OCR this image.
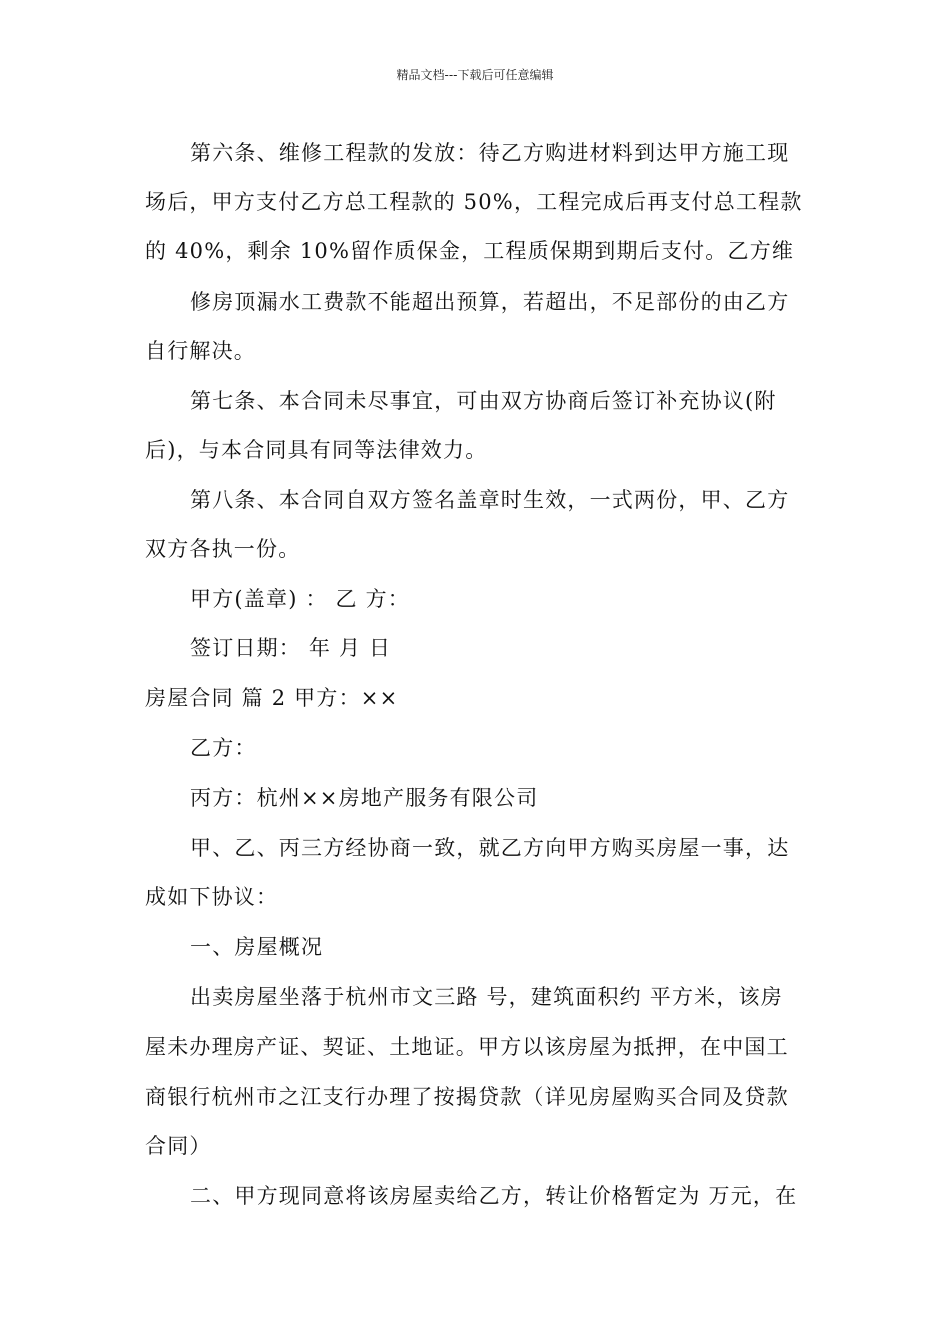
精品文档---下载后可任意编辑
第六条、维修工程款的发放：待乙方购进材料到达甲方施工现
场后，甲方支付乙方总工程款的 50%，工程完成后再支付总工程款
的 40%，剩余 10%留作质保金，工程质保期到期后支付。乙方维
修房顶漏水工费款不能超出预算，若超出，不足部份的由乙方
自行解决。
第七条、本合同未尽事宜，可由双方协商后签订补充协议(附
后)，与本合同具有同等法律效力。
第八条、本合同自双方签名盖章时生效，一式两份，甲、乙方
双方各执一份。
甲方(盖章) ： 乙 方：
签订日期： 年 月 日
房屋合同 篇 2 甲方：××
乙方：
丙方：杭州××房地产服务有限公司
甲、乙、丙三方经协商一致，就乙方向甲方购买房屋一事，达
成如下协议：
一、房屋概况
出卖房屋坐落于杭州市文三路 号，建筑面积约 平方米，该房
屋未办理房产证、契证、土地证。甲方以该房屋为抵押，在中国工
商银行杭州市之江支行办理了按揭贷款（详见房屋购买合同及贷款
合同）
二、甲方现同意将该房屋卖给乙方，转让价格暂定为 万元，在
